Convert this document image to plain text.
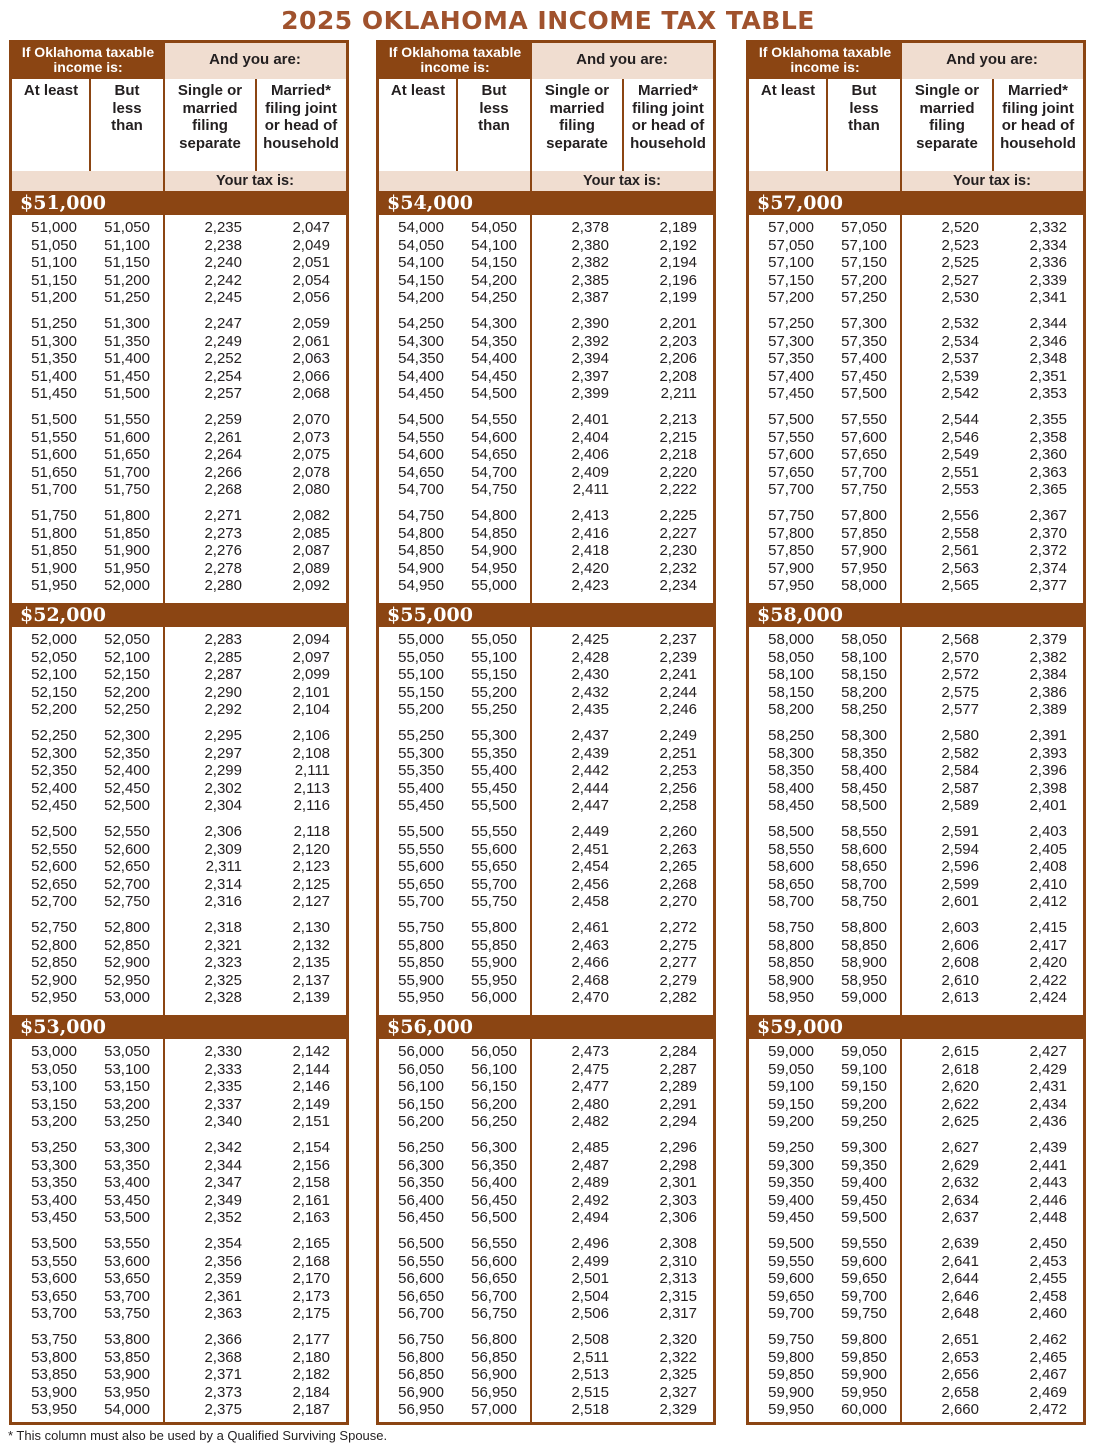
2025 OKLAHOMA INCOME TAX TABLE
If Oklahoma taxable income is:	And you are:
At least	But less than
Single or married filing separate
Married* filing joint or head of household
Your tax is:
$51,000
51,000	51,050	2,235	2,047
51,050	51,100	2,238	2,049
51,100	51,150	2,240	2,051
51,150	51,200	2,242	2,054
51,200	51,250	2,245	2,056
51,250	51,300	2,247	2,059
51,300	51,350	2,249	2,061
51,350	51,400	2,252	2,063
51,400	51,450	2,254	2,066
51,450	51,500	2,257	2,068
51,500	51,550	2,259	2,070
51,550	51,600	2,261	2,073
51,600	51,650	2,264	2,075
51,650	51,700	2,266	2,078
51,700	51,750	2,268	2,080
51,750	51,800	2,271	2,082
51,800	51,850	2,273	2,085
51,850	51,900	2,276	2,087
51,900	51,950	2,278	2,089
51,950	52,000	2,280	2,092
$52,000
52,000	52,050	2,283	2,094
52,050	52,100	2,285	2,097
52,100	52,150	2,287	2,099
52,150	52,200	2,290	2,101
52,200	52,250	2,292	2,104
52,250	52,300	2,295	2,106
52,300	52,350	2,297	2,108
52,350	52,400	2,299	2,111
52,400	52,450	2,302	2,113
52,450	52,500	2,304	2,116
52,500	52,550	2,306	2,118
52,550	52,600	2,309	2,120
52,600	52,650	2,311	2,123
52,650	52,700	2,314	2,125
52,700	52,750	2,316	2,127
52,750	52,800	2,318	2,130
52,800	52,850	2,321	2,132
52,850	52,900	2,323	2,135
52,900	52,950	2,325	2,137
52,950	53,000	2,328	2,139
$53,000
53,000	53,050	2,330	2,142
53,050	53,100	2,333	2,144
53,100	53,150	2,335	2,146
53,150	53,200	2,337	2,149
53,200	53,250	2,340	2,151
53,250	53,300	2,342	2,154
53,300	53,350	2,344	2,156
53,350	53,400	2,347	2,158
53,400	53,450	2,349	2,161
53,450	53,500	2,352	2,163
53,500	53,550	2,354	2,165
53,550	53,600	2,356	2,168
53,600	53,650	2,359	2,170
53,650	53,700	2,361	2,173
53,700	53,750	2,363	2,175
53,750	53,800	2,366	2,177
53,800	53,850	2,368	2,180
53,850	53,900	2,371	2,182
53,900	53,950	2,373	2,184
53,950	54,000	2,375	2,187
If Oklahoma taxable income is:	And you are:
At least	But less than
Single or married filing separate
Married* filing joint or head of household
Your tax is:
$54,000
54,000	54,050	2,378	2,189
54,050	54,100	2,380	2,192
54,100	54,150	2,382	2,194
54,150	54,200	2,385	2,196
54,200	54,250	2,387	2,199
54,250	54,300	2,390	2,201
54,300	54,350	2,392	2,203
54,350	54,400	2,394	2,206
54,400	54,450	2,397	2,208
54,450	54,500	2,399	2,211
54,500	54,550	2,401	2,213
54,550	54,600	2,404	2,215
54,600	54,650	2,406	2,218
54,650	54,700	2,409	2,220
54,700	54,750	2,411	2,222
54,750	54,800	2,413	2,225
54,800	54,850	2,416	2,227
54,850	54,900	2,418	2,230
54,900	54,950	2,420	2,232
54,950	55,000	2,423	2,234
$55,000
55,000	55,050	2,425	2,237
55,050	55,100	2,428	2,239
55,100	55,150	2,430	2,241
55,150	55,200	2,432	2,244
55,200	55,250	2,435	2,246
55,250	55,300	2,437	2,249
55,300	55,350	2,439	2,251
55,350	55,400	2,442	2,253
55,400	55,450	2,444	2,256
55,450	55,500	2,447	2,258
55,500	55,550	2,449	2,260
55,550	55,600	2,451	2,263
55,600	55,650	2,454	2,265
55,650	55,700	2,456	2,268
55,700	55,750	2,458	2,270
55,750	55,800	2,461	2,272
55,800	55,850	2,463	2,275
55,850	55,900	2,466	2,277
55,900	55,950	2,468	2,279
55,950	56,000	2,470	2,282
$56,000
56,000	56,050	2,473	2,284
56,050	56,100	2,475	2,287
56,100	56,150	2,477	2,289
56,150	56,200	2,480	2,291
56,200	56,250	2,482	2,294
56,250	56,300	2,485	2,296
56,300	56,350	2,487	2,298
56,350	56,400	2,489	2,301
56,400	56,450	2,492	2,303
56,450	56,500	2,494	2,306
56,500	56,550	2,496	2,308
56,550	56,600	2,499	2,310
56,600	56,650	2,501	2,313
56,650	56,700	2,504	2,315
56,700	56,750	2,506	2,317
56,750	56,800	2,508	2,320
56,800	56,850	2,511	2,322
56,850	56,900	2,513	2,325
56,900	56,950	2,515	2,327
56,950	57,000	2,518	2,329
If Oklahoma taxable income is:	And you are:
At least	But less than
Single or married filing separate
Married* filing joint or head of household
Your tax is:
$57,000
57,000	57,050	2,520	2,332
57,050	57,100	2,523	2,334
57,100	57,150	2,525	2,336
57,150	57,200	2,527	2,339
57,200	57,250	2,530	2,341
57,250	57,300	2,532	2,344
57,300	57,350	2,534	2,346
57,350	57,400	2,537	2,348
57,400	57,450	2,539	2,351
57,450	57,500	2,542	2,353
57,500	57,550	2,544	2,355
57,550	57,600	2,546	2,358
57,600	57,650	2,549	2,360
57,650	57,700	2,551	2,363
57,700	57,750	2,553	2,365
57,750	57,800	2,556	2,367
57,800	57,850	2,558	2,370
57,850	57,900	2,561	2,372
57,900	57,950	2,563	2,374
57,950	58,000	2,565	2,377
$58,000
58,000	58,050	2,568	2,379
58,050	58,100	2,570	2,382
58,100	58,150	2,572	2,384
58,150	58,200	2,575	2,386
58,200	58,250	2,577	2,389
58,250	58,300	2,580	2,391
58,300	58,350	2,582	2,393
58,350	58,400	2,584	2,396
58,400	58,450	2,587	2,398
58,450	58,500	2,589	2,401
58,500	58,550	2,591	2,403
58,550	58,600	2,594	2,405
58,600	58,650	2,596	2,408
58,650	58,700	2,599	2,410
58,700	58,750	2,601	2,412
58,750	58,800	2,603	2,415
58,800	58,850	2,606	2,417
58,850	58,900	2,608	2,420
58,900	58,950	2,610	2,422
58,950	59,000	2,613	2,424
$59,000
59,000	59,050	2,615	2,427
59,050	59,100	2,618	2,429
59,100	59,150	2,620	2,431
59,150	59,200	2,622	2,434
59,200	59,250	2,625	2,436
59,250	59,300	2,627	2,439
59,300	59,350	2,629	2,441
59,350	59,400	2,632	2,443
59,400	59,450	2,634	2,446
59,450	59,500	2,637	2,448
59,500	59,550	2,639	2,450
59,550	59,600	2,641	2,453
59,600	59,650	2,644	2,455
59,650	59,700	2,646	2,458
59,700	59,750	2,648	2,460
59,750	59,800	2,651	2,462
59,800	59,850	2,653	2,465
59,850	59,900	2,656	2,467
59,900	59,950	2,658	2,469
59,950	60,000	2,660	2,472
* This column must also be used by a Qualified Surviving Spouse.
